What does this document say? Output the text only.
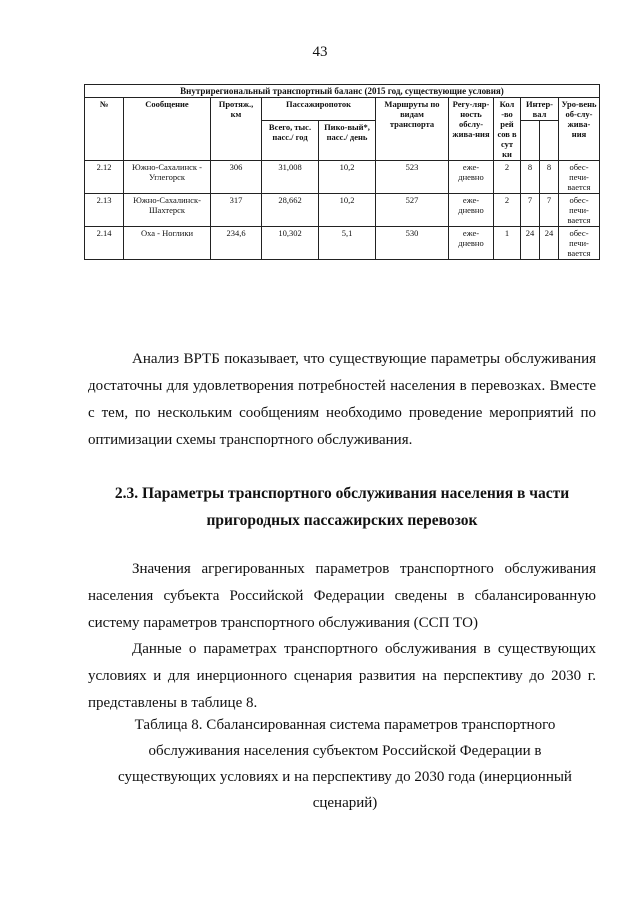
43
Внутрирегиональный транспортный баланс (2015 год, существующие условия)										
№	Сообщение	Протяж., км	Пассажиропоток		Маршруты по видам транспорта	Регу-ляр-ность обслу-жива-ния	Кол -во рей сов в сут ки	Интер-вал		Уро-вень об-слу-жива-ния
			Всего, тыс. пасс./ год	Пико-вый*, пасс./ день						
2.12	Южно-Сахалинск - Углегорск	306	31,008	10,2	523	еже-дневно	2	8	8	обес-печи-вается
2.13	Южно-Сахалинск-Шахтерск	317	28,662	10,2	527	еже-дневно	2	7	7	обес-печи-вается
2.14	Оха - Ноглики	234,6	10,302	5,1	530	еже-дневно	1	24	24	обес-печи-вается
Анализ ВРТБ показывает, что существующие параметры обслуживания достаточны для удовлетворения потребностей населения в перевозках. Вместе с тем, по нескольким сообщениям необходимо проведение мероприятий по оптимизации схемы транспортного обслуживания.
2.3. Параметры транспортного обслуживания населения в части пригородных пассажирских перевозок
Значения агрегированных параметров транспортного обслуживания населения субъекта Российской Федерации сведены в сбалансированную систему параметров транспортного обслуживания (ССП ТО)
Данные о параметрах транспортного обслуживания в существующих условиях и для инерционного сценария развития на перспективу до 2030 г. представлены в таблице 8.
Таблица 8. Сбалансированная система параметров транспортного обслуживания населения субъектом Российской Федерации в существующих условиях и на перспективу до 2030 года (инерционный сценарий)
